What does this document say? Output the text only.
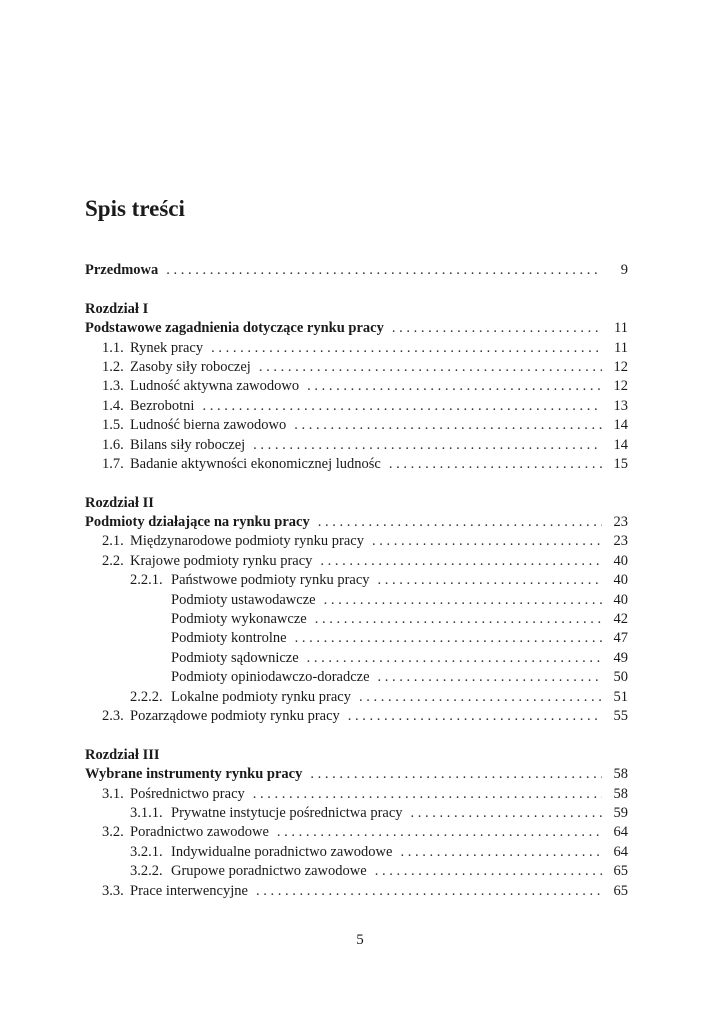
Spis treści
Przedmowa . . .	9
Rozdział I
Podstawowe zagadnienia dotyczące rynku pracy . . .	11
1.1. Rynek pracy . . .	11
1.2. Zasoby siły roboczej . . .	12
1.3. Ludność aktywna zawodowo . . .	12
1.4. Bezrobotni . . .	13
1.5. Ludność bierna zawodowo . . .	14
1.6. Bilans siły roboczej . . .	14
1.7. Badanie aktywności ekonomicznej ludnośc . . .	15
Rozdział II
Podmioty działające na rynku pracy . . .	23
2.1. Międzynarodowe podmioty rynku pracy . . .	23
2.2. Krajowe podmioty rynku pracy . . .	40
2.2.1. Państwowe podmioty rynku pracy . . .	40
Podmioty ustawodawcze . . .	40
Podmioty wykonawcze . . .	42
Podmioty kontrolne . . .	47
Podmioty sądownicze . . .	49
Podmioty opiniodawczo-doradcze . . .	50
2.2.2. Lokalne podmioty rynku pracy . . .	51
2.3. Pozarządowe podmioty rynku pracy . . .	55
Rozdział III
Wybrane instrumenty rynku pracy . . .	58
3.1. Pośrednictwo pracy . . .	58
3.1.1. Prywatne instytucje pośrednictwa pracy . . .	59
3.2. Poradnictwo zawodowe . . .	64
3.2.1. Indywidualne poradnictwo zawodowe . . .	64
3.2.2. Grupowe poradnictwo zawodowe . . .	65
3.3. Prace interwencyjne . . .	65
5
